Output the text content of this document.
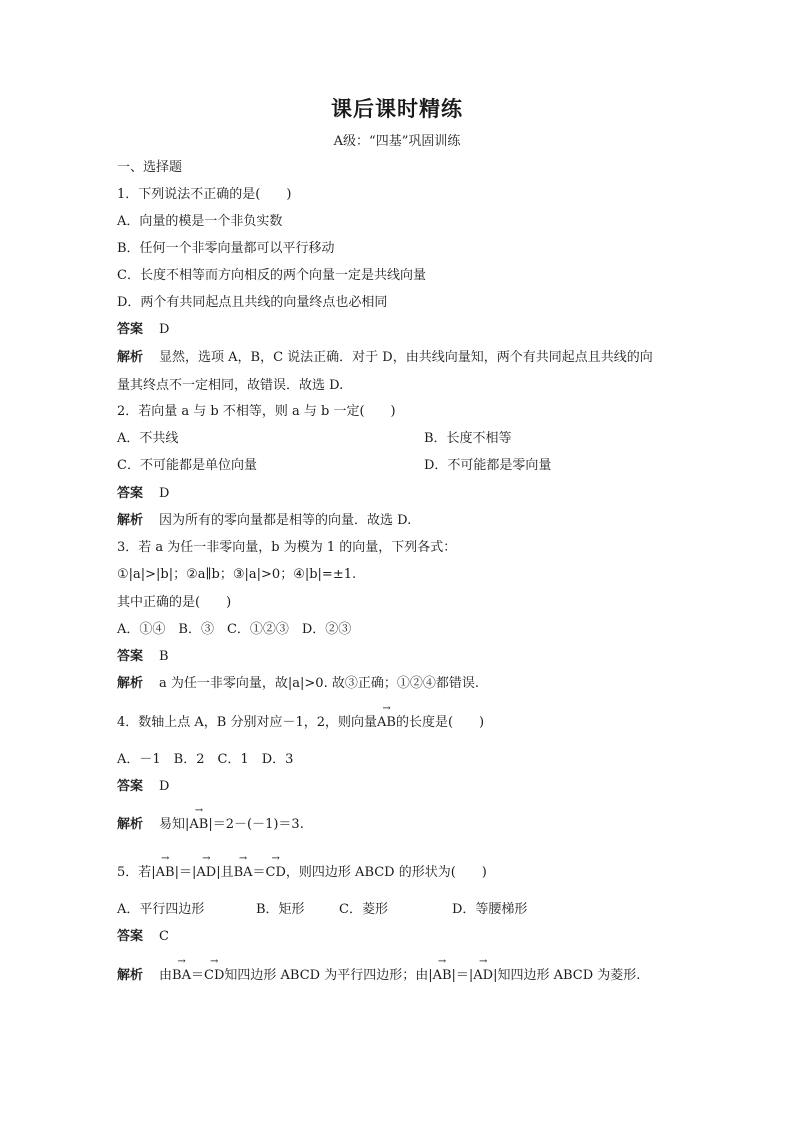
课后课时精练
A级：“四基”巩固训练
一、选择题
1．下列说法不正确的是(　　)
A．向量的模是一个非负实数
B．任何一个非零向量都可以平行移动
C．长度不相等而方向相反的两个向量一定是共线向量
D．两个有共同起点且共线的向量终点也必相同
答案 D
解析 显然，选项 A，B，C 说法正确．对于 D，由共线向量知，两个有共同起点且共线的向
量其终点不一定相同，故错误．故选 D.
2．若向量 a 与 b 不相等，则 a 与 b 一定(　　)
A．不共线	B．长度不相等
C．不可能都是单位向量	D．不可能都是零向量
答案 D
解析 因为所有的零向量都是相等的向量．故选 D.
3．若 a 为任一非零向量，b 为模为 1 的向量，下列各式：
①|a|>|b|；②a∥b；③|a|>0；④|b|=±1.
其中正确的是(　　)
A．①④　B．③　C．①②③　D．②③
答案 B
解析 a 为任一非零向量，故|a|>0. 故③正确；①②④都错误.
4．数轴上点 A，B 分别对应－1，2，则向量→ AB的长度是(　　)
A．－1　B．2　C．1　D．3
答案 D
解析 易知|→ AB|＝2－(－1)＝3.
5．若|→ AB|＝|→ AD|且→ BA＝→ CD，则四边形 ABCD 的形状为(　　)
A．平行四边形	B．矩形	C．菱形	D．等腰梯形
答案 C
解析 由→ BA＝→ CD知四边形 ABCD 为平行四边形；由|→ AB|＝|→ AD|知四边形 ABCD 为菱形.
